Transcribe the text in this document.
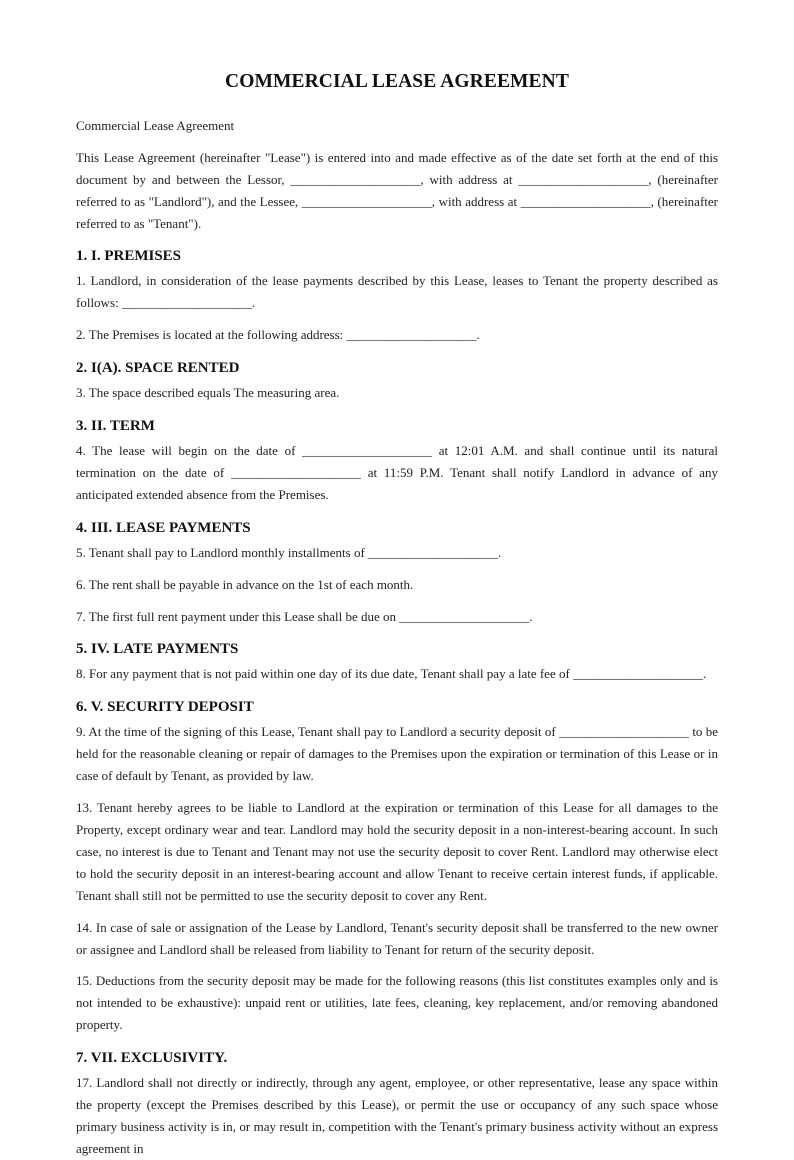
COMMERCIAL LEASE AGREEMENT
Commercial Lease Agreement

This Lease Agreement (hereinafter "Lease") is entered into and made effective as of the date set forth at the end of this document by and between the Lessor, ____________________, with address at ____________________, (hereinafter referred to as "Landlord"), and the Lessee, ____________________, with address at ____________________, (hereinafter referred to as "Tenant").

1. I. PREMISES

1. Landlord, in consideration of the lease payments described by this Lease, leases to Tenant the property described as follows: ____________________.

2. The Premises is located at the following address: ____________________.

2. I(A). SPACE RENTED

3. The space described equals The measuring area.

3. II. TERM

4. The lease will begin on the date of ____________________ at 12:01 A.M. and shall continue until its natural termination on the date of ____________________ at 11:59 P.M. Tenant shall notify Landlord in advance of any anticipated extended absence from the Premises.

4. III. LEASE PAYMENTS

5. Tenant shall pay to Landlord monthly installments of ____________________.

6. The rent shall be payable in advance on the 1st of each month.

7. The first full rent payment under this Lease shall be due on ____________________.

5. IV. LATE PAYMENTS

8. For any payment that is not paid within one day of its due date, Tenant shall pay a late fee of ____________________.

6. V. SECURITY DEPOSIT

9. At the time of the signing of this Lease, Tenant shall pay to Landlord a security deposit of ____________________ to be held for the reasonable cleaning or repair of damages to the Premises upon the expiration or termination of this Lease or in case of default by Tenant, as provided by law.

13. Tenant hereby agrees to be liable to Landlord at the expiration or termination of this Lease for all damages to the Property, except ordinary wear and tear. Landlord may hold the security deposit in a non-interest-bearing account. In such case, no interest is due to Tenant and Tenant may not use the security deposit to cover Rent. Landlord may otherwise elect to hold the security deposit in an interest-bearing account and allow Tenant to receive certain interest funds, if applicable. Tenant shall still not be permitted to use the security deposit to cover any Rent.

14. In case of sale or assignation of the Lease by Landlord, Tenant's security deposit shall be transferred to the new owner or assignee and Landlord shall be released from liability to Tenant for return of the security deposit.

15. Deductions from the security deposit may be made for the following reasons (this list constitutes examples only and is not intended to be exhaustive): unpaid rent or utilities, late fees, cleaning, key replacement, and/or removing abandoned property.

7. VII. EXCLUSIVITY.

17. Landlord shall not directly or indirectly, through any agent, employee, or other representative, lease any space within the property (except the Premises described by this Lease), or permit the use or occupancy of any such space whose primary business activity is in, or may result in, competition with the Tenant's primary business activity without an express agreement in
